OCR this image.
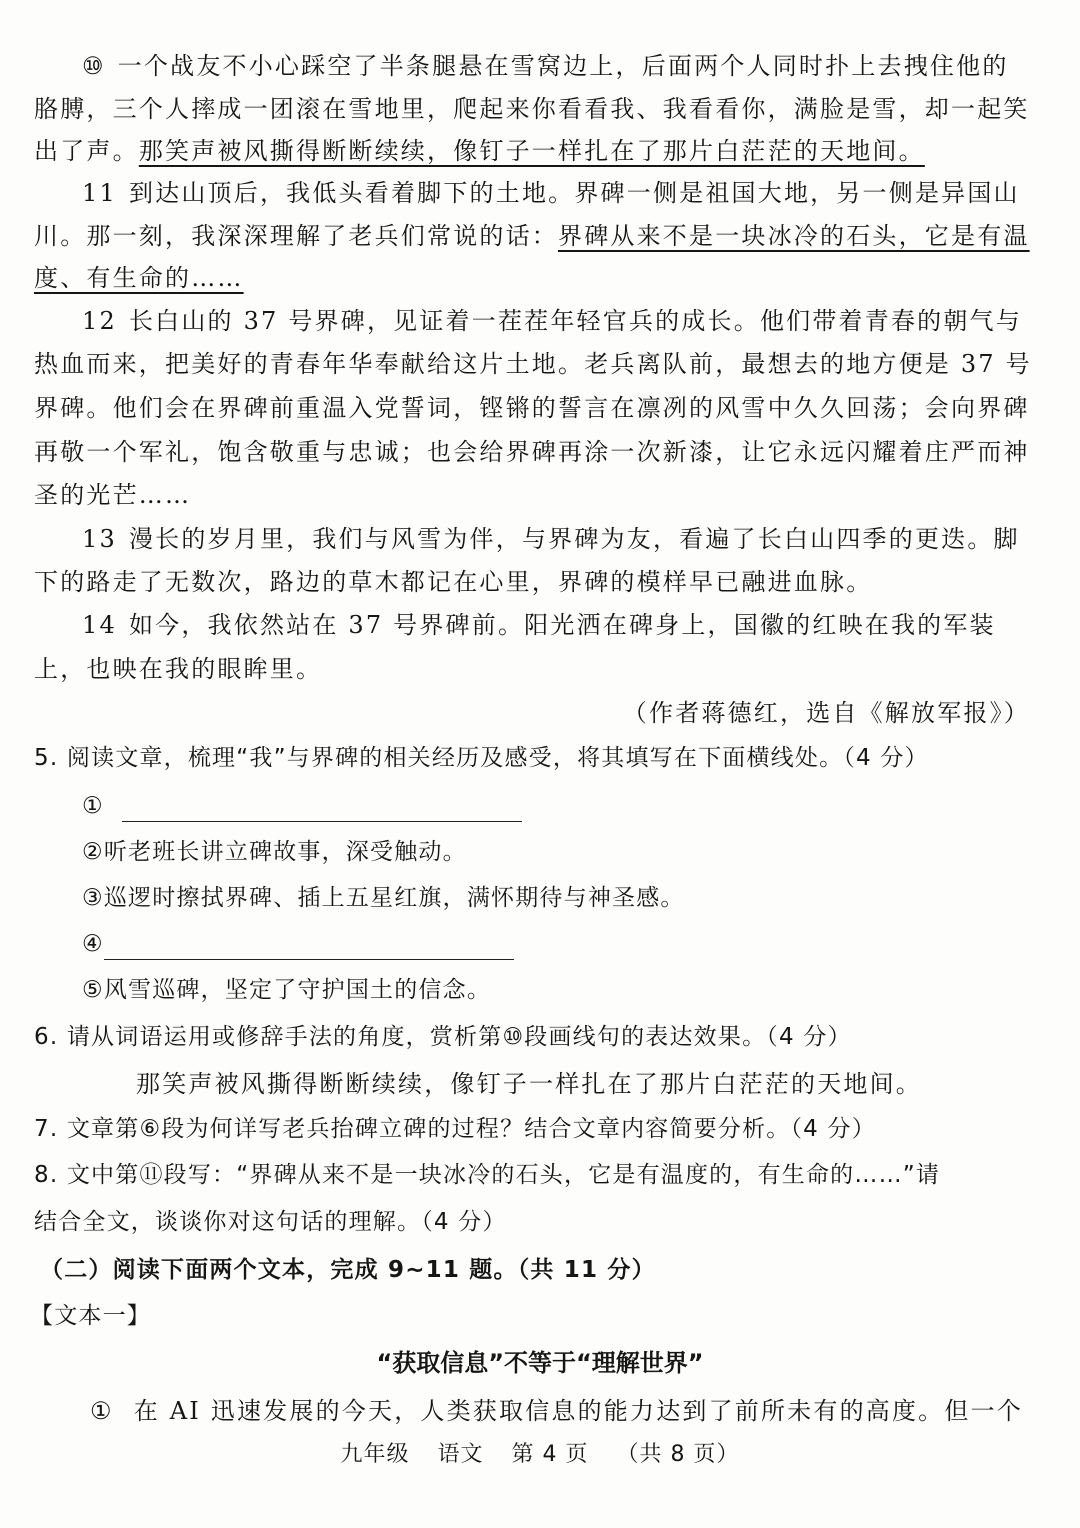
⑩ 一个战友不小心踩空了半条腿悬在雪窝边上，后面两个人同时扑上去拽住他的
胳膊，三个人摔成一团滚在雪地里，爬起来你看看我、我看看你，满脸是雪，却一起笑
出了声。那笑声被风撕得断断续续，像钉子一样扎在了那片白茫茫的天地间。
11 到达山顶后，我低头看着脚下的土地。界碑一侧是祖国大地，另一侧是异国山
川。那一刻，我深深理解了老兵们常说的话：界碑从来不是一块冰冷的石头，它是有温
度、有生命的……
12 长白山的 37 号界碑，见证着一茬茬年轻官兵的成长。他们带着青春的朝气与
热血而来，把美好的青春年华奉献给这片土地。老兵离队前，最想去的地方便是 37 号
界碑。他们会在界碑前重温入党誓词，铿锵的誓言在凛冽的风雪中久久回荡；会向界碑
再敬一个军礼，饱含敬重与忠诚；也会给界碑再涂一次新漆，让它永远闪耀着庄严而神
圣的光芒……
13 漫长的岁月里，我们与风雪为伴，与界碑为友，看遍了长白山四季的更迭。脚
下的路走了无数次，路边的草木都记在心里，界碑的模样早已融进血脉。
14 如今，我依然站在 37 号界碑前。阳光洒在碑身上，国徽的红映在我的军装
上，也映在我的眼眸里。
（作者蒋德红，选自《解放军报》）
5. 阅读文章，梳理“我”与界碑的相关经历及感受，将其填写在下面横线处。（4 分）
①
②听老班长讲立碑故事，深受触动。
③巡逻时擦拭界碑、插上五星红旗，满怀期待与神圣感。
④
⑤风雪巡碑，坚定了守护国土的信念。
6. 请从词语运用或修辞手法的角度，赏析第⑩段画线句的表达效果。（4 分）
那笑声被风撕得断断续续，像钉子一样扎在了那片白茫茫的天地间。
7. 文章第⑥段为何详写老兵抬碑立碑的过程？结合文章内容简要分析。（4 分）
8. 文中第⑪段写：“界碑从来不是一块冰冷的石头，它是有温度的，有生命的……”请
结合全文，谈谈你对这句话的理解。（4 分）
（二）阅读下面两个文本，完成 9~11 题。（共 11 分）
【文本一】
“获取信息”不等于“理解世界”
① 在 AI 迅速发展的今天，人类获取信息的能力达到了前所未有的高度。但一个
九年级 语文 第 4 页 （共 8 页）
